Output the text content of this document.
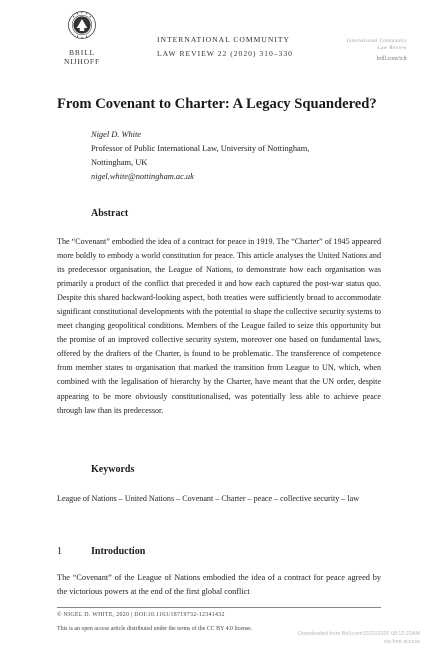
BRILL
NIJHOFF
INTERNATIONAL COMMUNITY
LAW REVIEW 22 (2020) 310–330
International Community
Law Review
brill.com/iclr
From Covenant to Charter: A Legacy Squandered?
Nigel D. White
Professor of Public International Law, University of Nottingham,
Nottingham, UK
nigel.white@nottingham.ac.uk
Abstract

The “Covenant” embodied the idea of a contract for peace in 1919. The “Charter” of 1945 appeared more boldly to embody a world constitution for peace. This article analyses the United Nations and its predecessor organisation, the League of Nations, to demonstrate how each organisation was primarily a product of the conflict that preceded it and how each captured the post-war status quo. Despite this shared backward-looking aspect, both treaties were sufficiently broad to accommodate significant constitutional developments with the potential to shape the collective security systems to meet changing geopolitical conditions. Members of the League failed to seize this opportunity but the promise of an improved collective security system, moreover one based on fundamental laws, offered by the drafters of the Charter, is found to be problematic. The transference of competence from member states to organisation that marked the transition from League to UN, which, when combined with the legalisation of hierarchy by the Charter, have meant that the UN order, despite appearing to be more obviously constitutionalised, was potentially less able to achieve peace through law than its predecessor.

Keywords

League of Nations – United Nations – Covenant – Charter – peace – collective security – law

1	Introduction

The “Covenant” of the League of Nations embodied the idea of a contract for peace agreed by the victorious powers at the end of the first global conflict

© NIGEL D. WHITE, 2020 | DOI:10.1163/18719732-12341432
This is an open access article distributed under the terms of the CC BY 4.0 license.
Downloaded from Brill.com10/22/2020 08:12:22AM
via free access
